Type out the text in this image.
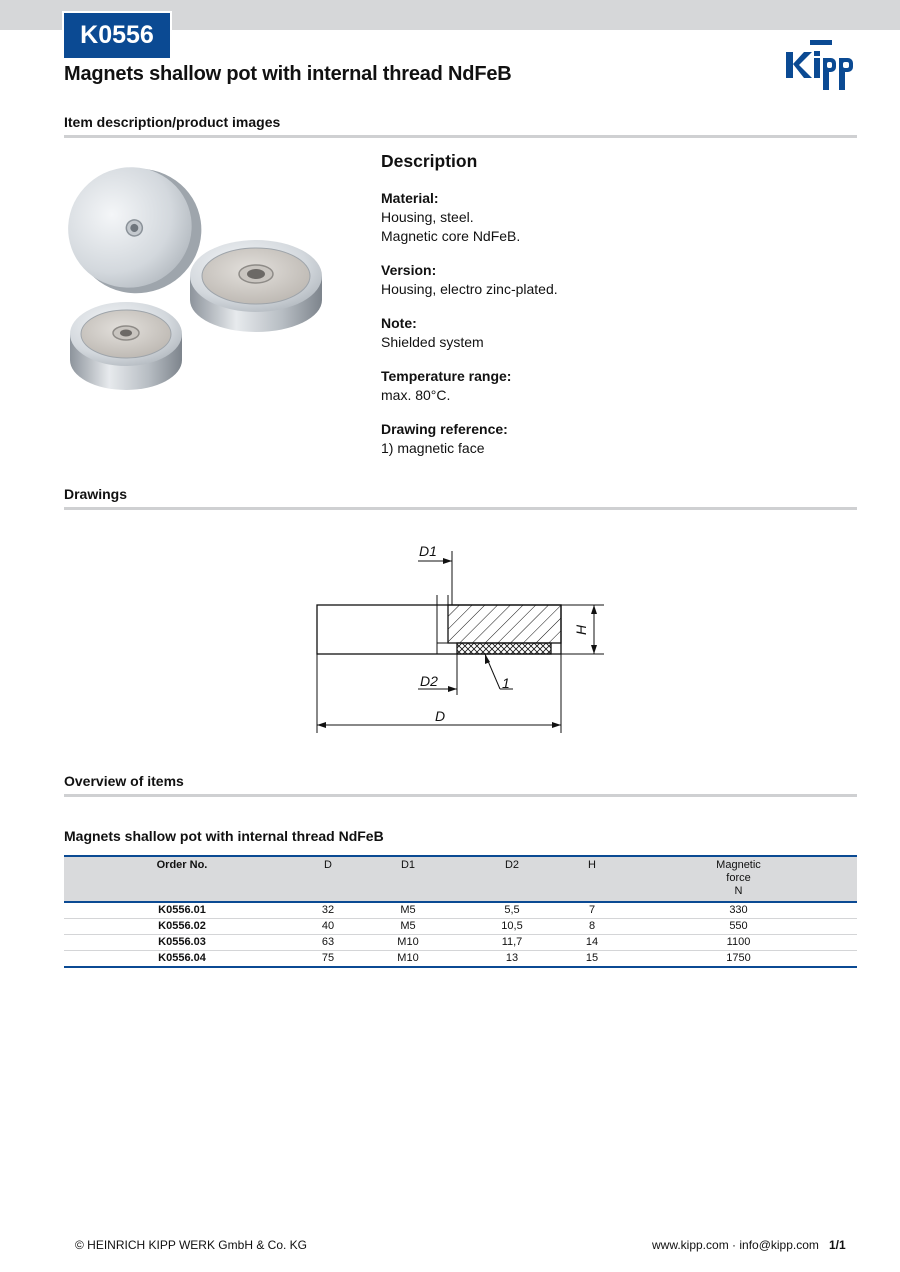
K0556
Magnets shallow pot with internal thread NdFeB
Item description/product images
Description
Material:
Housing, steel.
Magnetic core NdFeB.
Version:
Housing, electro zinc-plated.
Note:
Shielded system
Temperature range:
max. 80°C.
Drawing reference:
1) magnetic face
Drawings
D1
D2
D
1
H
Overview of items
Magnets shallow pot with internal thread NdFeB
Order No.	D	D1	D2	H	Magnetic
force
N

K0556.01	32	M5	5,5	7	330
K0556.02	40	M5	10,5	8	550
K0556.03	63	M10	11,7	14	1100
K0556.04	75	M10	13	15	1750
© HEINRICH KIPP WERK GmbH & Co. KG	www.kipp.com · info@kipp.com 1/1
